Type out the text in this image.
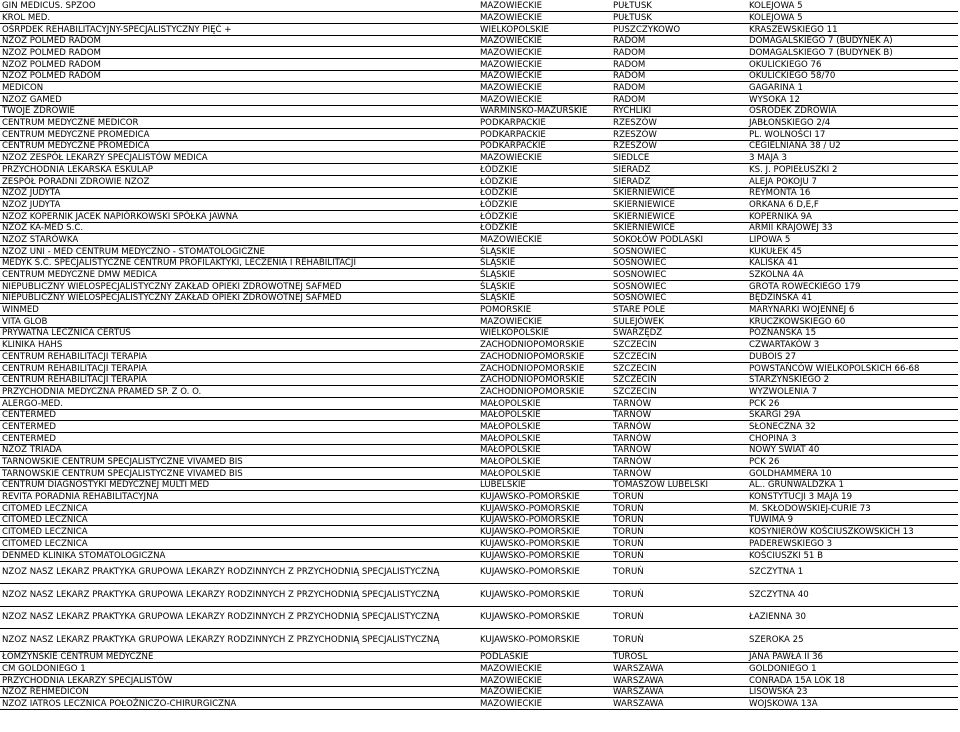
GIN MEDICUS. SPZOO	MAZOWIECKIE	PUŁTUSK	KOLEJOWA 5
KROL MED.	MAZOWIECKIE	PUŁTUSK	KOLEJOWA 5
OŚRPDEK REHABILITACYJNY-SPECJALISTYCZNY PIĘĆ +	WIELKOPOLSKIE	PUSZCZYKOWO	KRASZEWSKIEGO 11
NZOZ POLMED RADOM	MAZOWIECKIE	RADOM	DOMAGALSKIEGO 7 (BUDYNEK A)
NZOZ POLMED RADOM	MAZOWIECKIE	RADOM	DOMAGALSKIEGO 7 (BUDYNEK B)
NZOZ POLMED RADOM	MAZOWIECKIE	RADOM	OKULICKIEGO 76
NZOZ POLMED RADOM	MAZOWIECKIE	RADOM	OKULICKIEGO 58/70
MEDICON	MAZOWIECKIE	RADOM	GAGARINA 1
NZOZ GAMED	MAZOWIECKIE	RADOM	WYSOKA 12
TWOJE ZDROWIE	WARMIŃSKO-MAZURSKIE	RYCHLIKI	OŚRODEK ZDROWIA
CENTRUM MEDYCZNE MEDICOR	PODKARPACKIE	RZESZÓW	JABŁOŃSKIEGO 2/4
CENTRUM MEDYCZNE PROMEDICA	PODKARPACKIE	RZESZÓW	PL. WOLNOŚCI 17
CENTRUM MEDYCZNE PROMEDICA	PODKARPACKIE	RZESZÓW	CEGIELNIANA 38 / U2
NZOZ ZESPÓŁ LEKARZY SPECJALISTÓW MEDICA	MAZOWIECKIE	SIEDLCE	3 MAJA 3
PRZYCHODNIA LEKARSKA ESKULAP	ŁÓDZKIE	SIERADZ	KS. J. POPIEŁUSZKI 2
ZESPÓŁ PORADNI ZDROWIE NZOZ	ŁÓDZKIE	SIERADZ	ALEJA POKOJU 7
NZOZ JUDYTA	ŁÓDZKIE	SKIERNIEWICE	REYMONTA 16
NZOZ JUDYTA	ŁÓDZKIE	SKIERNIEWICE	ORKANA 6 D,E,F
NZOZ KOPERNIK JACEK NAPIÓRKOWSKI SPÓŁKA JAWNA	ŁÓDZKIE	SKIERNIEWICE	KOPERNIKA 9A
NZOZ KA-MED S.C.	ŁÓDZKIE	SKIERNIEWICE	ARMII KRAJOWEJ 33
NZOZ STARÓWKA	MAZOWIECKIE	SOKOŁÓW PODLASKI	LIPOWA 5
NZOZ UNI - MED CENTRUM MEDYCZNO - STOMATOLOGICZNE	ŚLĄSKIE	SOSNOWIEC	KUKUŁEK 45
MEDYK S.C. SPECJALISTYCZNE CENTRUM PROFILAKTYKI, LECZENIA I REHABILITACJI	ŚLĄSKIE	SOSNOWIEC	KALISKA 41
CENTRUM MEDYCZNE DMW MEDICA	ŚLĄSKIE	SOSNOWIEC	SZKOLNA 4A
NIEPUBLICZNY WIELOSPECJALISTYCZNY ZAKŁAD OPIEKI ZDROWOTNEJ SAFMED	ŚLĄSKIE	SOSNOWIEC	GROTA ROWECKIEGO 179
NIEPUBLICZNY WIELOSPECJALISTYCZNY ZAKŁAD OPIEKI ZDROWOTNEJ SAFMED	ŚLĄSKIE	SOSNOWIEC	BĘDZIŃSKA 41
WINMED	POMORSKIE	STARE POLE	MARYNARKI WOJENNEJ 6
VITA GLOB	MAZOWIECKIE	SULEJÓWEK	KRUCZKOWSKIEGO 60
PRYWATNA LECZNICA CERTUS	WIELKOPOLSKIE	SWARZĘDZ	POZNAŃSKA 15
KLINIKA HAHS	ZACHODNIOPOMORSKIE	SZCZECIN	CZWARTAKÓW 3
CENTRUM REHABILITACJI TERAPIA	ZACHODNIOPOMORSKIE	SZCZECIN	DUBOIS 27
CENTRUM REHABILITACJI TERAPIA	ZACHODNIOPOMORSKIE	SZCZECIN	POWSTAŃCÓW WIELKOPOLSKICH 66-68
CENTRUM REHABILITACJI TERAPIA	ZACHODNIOPOMORSKIE	SZCZECIN	STARZYŃSKIEGO 2
PRZYCHODNIA MEDYCZNA PRAMED SP. Z O. O.	ZACHODNIOPOMORSKIE	SZCZECIN	WYZWOLENIA 7
ALERGO-MED.	MAŁOPOLSKIE	TARNÓW	PCK 26
CENTERMED	MAŁOPOLSKIE	TARNÓW	SKARGI 29A
CENTERMED	MAŁOPOLSKIE	TARNÓW	SŁONECZNA 32
CENTERMED	MAŁOPOLSKIE	TARNÓW	CHOPINA 3
NZOZ TRIADA	MAŁOPOLSKIE	TARNÓW	NOWY ŚWIAT 40
TARNOWSKIE CENTRUM SPECJALISTYCZNE VIVAMED BIS	MAŁOPOLSKIE	TARNÓW	PCK 26
TARNOWSKIE CENTRUM SPECJALISTYCZNE VIVAMED BIS	MAŁOPOLSKIE	TARNÓW	GOLDHAMMERA 10
CENTRUM DIAGNOSTYKI MEDYCZNEJ MULTI MED	LUBELSKIE	TOMASZÓW LUBELSKI	AL.. GRUNWALDZKA 1
REVITA PORADNIA REHABILITACYJNA	KUJAWSKO-POMORSKIE	TORUŃ	KONSTYTUCJI 3 MAJA 19
CITOMED LECZNICA	KUJAWSKO-POMORSKIE	TORUŃ	M. SKŁODOWSKIEJ-CURIE 73
CITOMED LECZNICA	KUJAWSKO-POMORSKIE	TORUŃ	TUWIMA 9
CITOMED LECZNICA	KUJAWSKO-POMORSKIE	TORUŃ	KOSYNIERÓW KOŚCIUSZKOWSKICH 13
CITOMED LECZNICA	KUJAWSKO-POMORSKIE	TORUŃ	PADEREWSKIEGO 3
DENMED KLINIKA STOMATOLOGICZNA	KUJAWSKO-POMORSKIE	TORUŃ	KOŚCIUSZKI 51 B
NZOZ NASZ LEKARZ PRAKTYKA GRUPOWA LEKARZY RODZINNYCH Z PRZYCHODNIĄ SPECJALISTYCZNĄ	KUJAWSKO-POMORSKIE	TORUŃ	SZCZYTNA 1
NZOZ NASZ LEKARZ PRAKTYKA GRUPOWA LEKARZY RODZINNYCH Z PRZYCHODNIĄ SPECJALISTYCZNĄ	KUJAWSKO-POMORSKIE	TORUŃ	SZCZYTNA 40
NZOZ NASZ LEKARZ PRAKTYKA GRUPOWA LEKARZY RODZINNYCH Z PRZYCHODNIĄ SPECJALISTYCZNĄ	KUJAWSKO-POMORSKIE	TORUŃ	ŁAZIENNA 30
NZOZ NASZ LEKARZ PRAKTYKA GRUPOWA LEKARZY RODZINNYCH Z PRZYCHODNIĄ SPECJALISTYCZNĄ	KUJAWSKO-POMORSKIE	TORUŃ	SZEROKA 25
ŁOMŻYŃSKIE CENTRUM MEDYCZNE	PODLASKIE	TUROŚL	JANA PAWŁA II 36
CM GOLDONIEGO 1	MAZOWIECKIE	WARSZAWA	GOLDONIEGO 1
PRZYCHODNIA LEKARZY SPECJALISTÓW	MAZOWIECKIE	WARSZAWA	CONRADA 15A LOK 18
NZOZ REHMEDICON	MAZOWIECKIE	WARSZAWA	LISOWSKA 23
NZOZ IATROS LECZNICA POŁOŻNICZO-CHIRURGICZNA	MAZOWIECKIE	WARSZAWA	WOJSKOWA 13A
